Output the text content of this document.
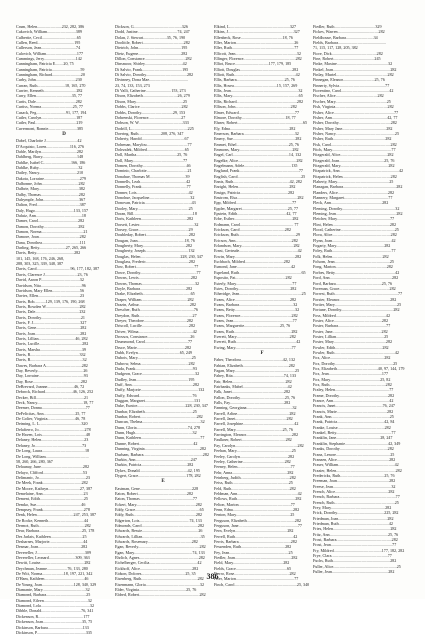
Crum, Helen........................232, 282, 386
Cukovich, William............................389
Culbertie, Cecil..................................65
Cullen, Reed....................................195
Cullerson, Jean..................................74
Culovich, William..............................177
Cummings, Jerry...............................142
Cunningham, Patricia E........20, 75
Cunningham, Patricia............................59
Cunningham, Richard............................20
Curby, John.......................................230
Curran, Ruth...........................18, 165, 270
Currier, Kenneth................................282
Curry, Ellen...................................35, 77
Curtis, Dale.......................................282
Curtiss, Norma...............................25, 77
Cusack, Peg.............................91, 177, 194
Cutler, Carolyn..................................187
Cutler, Paul........................................219
Cuvermont, Ronnie............................385
D
Dabel, Charlotte J...............................42
D'Acquisto, Loren.......................116, 276
Dahle, Marilyn...................................282
Dahlberg, Barry..................................148
Dahlke, Isabel C...........................166, 186
Dahlke, Ruby.......................................32
Dailey, Nancy.....................................210
Dakota, Lorraine...................................279
Dalbonne, John....................................282
Dalbrie, Mary.......................................382
Dalby, Thomas.....................................282
Dalrymple, John...................................367
Dalton, Fred..........................................387
Daly, Hugo......................................133, 157
Daluiz, Ann.............................................18
Damer, Carol.......................................282
Damon, Dorothy..................................282
Damon, Norma.........................................21
Damore, Joan........................................282
Dana, Dorothea.....................................111
Darling, Betty..........................27, 265, 266
Davis, Betty.....................................282
101, 145, 168, 176, 246, 268,
288, 303, 325, 339, 348, 387
Davis, Carol.................................96, 177, 182, 387
Davis, Clarence J................................23, 76
David, Aaron P......................................32
Davidson, Nita........................................96
Davidson, Mary Ellen...........................56
Davies, Ellen.........................................23
Davis, Bob...........129, 139, 176, 190, 268
Davis, Bowden W.................................282
Davis, Dale...........................................232
Davis, Dorothy.......................................21
Davis, F. J..............................................327
Davis, Gene...........................................282
Davis, Joan............................................282
Davis, Lillian....................................46, 282
Davis, Lucille..........................................282
Davis, Marsha.........................................39
Davis, R................................................332
Davis, R...................................................32
Dawes, Barbara A...................................282
Day, Beverly.............................................26
Day, Lorraine............................................93
Day, Rose...............................................282
DeBrevard, Joanne..........................46, 72
Debrock, Richard...........................46, 126, 252
Decker, Bill...............................................21
Deck, Nancy.............................................18, 77
Deemer, Donna...........................................77
DeFelicitas, Ann...............................25, 77
De Golier, Virginia...........................46, 78
Deiming, L. L.........................................320
Delafierro, Jo.............................................278
De Haven, Lois...........................................48
Delaney, Helen..........................................23
Delaney, Jo..............................................73
De Long, Laura..........................................18
De Long, William..........................................
58, 260, 266, 280, 367
Delaunay, June.........................................282
Delayo, Clifford.......................................53
Delimanic, Jo..............................................23
De Meek, Frank......................................282
De Moore, Kathryn...............................27, 387
Demelaine, Ann........................................23
Dement, Edith...........................................25
Demko, Sue............................................46
Dempsey, Frank........................................278
Denk, Helen....................................247, 253, 387
De Rocke, Kenneth...................................44
Dermot, Ruth.............................................282
Deur, Barbara..........................................25, 178
Des Jarlais, Kathleen...............................25
Desharnes, Marjorie.................................44
Desmar, Joan..........................................282
Devereller, J...............................................309
Devereller, Leonard..........................309, 363
Dewitt, Louise...........................................282
Deychman, Jeanne....................76, 133, 280
De Witt, Norma.....................18, 197, 221, 342
D'Ham, Kathleen.......................................46
De Young, Joan...............................128, 340, 329
Diamante, Mary..........................................32
Diamond, Barbara.......................................25
Diamond, Eileen...........................................32
Diamond, Lola................................................32
Dibble, Donald.......................................76, 341
Dickenson, R............................................177
Dickenson, Joan......................................35, 75
Dickinson, Barbara..................................133
Dickinson, P................................................335
Dickson, G...............................................326
Dodd, Justine.......................................74, 247
Dolan, J. Stewart.......................35, 76, 190
Doolittle, Robert........................................282
Dietrich, John..........................................195
Dietz, Eugene..........................................282
Dillon, Constance........................................282
Dinsmoor, Shirley.....................................42
Di Salvio, Frank.......................................195
Di Salvio, Dorothy........................................282
Divinney, Dona Mae......................................
23, 74, 133, 153, 273
Di Valli, Catherine.........................153, 273
Dixon, Elizabeth..................................26, 279
Dixon, Mary..............................................25
Dobbs, Clarice.........................................282
Dobbs, Dorothy...............................29, 153
Dobrenski, Florence................................27
Dobson, W. W...........................................333
Dodrill, L.......................................................225
Doering, Ruth......................208, 276, 347
Doherty, Harold..........................................67
Dohrman, Marylou........................................77
Dolezalek, Mildred.....................................65
Doll, Martha........................................25, 76
Doll, Mary.................................................77
Domen, Dorothy...........................................46
Dominic, Charlotte........................................21
Donahue, Thomas M...................................39
Donnells, Leah.............................................42
Donnelly, Frank............................................77
Donner, Lois...................................................42
Donohue, Jacqueline........................................32
Donovan, Patricia..............................................43
Dooley, Mary..................................................25
Doran, Bill..........................................................18
Doris, Kathleen.............................................282
Dorsett, Lester......................................................32
Dorsey, Grace.................................................29
Doubleday, Robert..........................................282
Dougan, Joan..............................................18, 76
Dougherty, Mary..........................................282
Dougherty, Joseph..........................................132
Douglas, Helen.......................................228, 230, 347
Douglass, Frederic..........................................282
Dow, Robert.........................................................77
Dowe, Dorothy.......................................................77
Downs, Lewis...................................................282
Downs, Thomas....................................................32
Doyle, Barbara.............................................282
Drake, Elizabeth...............................................65
Draper, William.............................................282
Drazin, Arthur..................................................282
Drescher, Ruth.....................................................76
Dreydon, Ruth....................................................27
Dreyer, Theodore..........................................282
Driscoll, Lucille..............................................282
Driver, Wilma.....................................................42
Drossos, Constance..........................................26
Drummond, Carol..........................................77
Druce, Marie...............................................282
Dubb, Evelyn.........................................65, 249
Dubois, Mary.....................................................25
Dubrow, Selma...............................................282
Duda, Frank........................................................93
Dudgeon, Grace....................................................32
Dudley, Jean...................................................195
Duff, Ann............................................................282
Duffy, Marjorie........................................................132
Duffy, Edward....................................................76
Duggan, Margaret................................................131
Duke, Eunice...............................................228, 230, 347
Dunbar, Elizabeth...............................................25
Dunbar, Robert.......................................................282
Duncan, Thelma.........................................................32
Dunn, Gloria..................................................74, 278
Dunn, Hugh........................................................32
Dunn, Kathleen..........................................................77
Dunne, Robert.....................................................42
Dunning, Virginia......................................................282
Durham, Barbara..........................................................282
Durkin, Ann......................................................247
Durkin, Patricia.............................................282
Dykes, Donald...............................................42, 195
Dygert, Grace...............................................178, 282
E
Eastman, Gene...................................................228
Eaton, Robert................................................282
Eaton, Thomas....................................................77
Eckert, Mary..........................................................282
Eddy, Grace...............................................................65
Eddy, Ruth.............................................................282
Edgerton, Lois.................................................74, 133
Edmonds, Carol.......................................................282
Edwards, Bessie.......................................................26
Edwards, Lillian.........................................................35
Edwards, Rosemary...........................................282
Egan, Beverly............................................................282
Egan, Mary.........................................................74, 133
Ehrlich, Agnes..........................................................282
Eichelberger, Cecilia...............................................42
Eickhoff, Alice...................................................282
Eidson, Dolores...........................................25, 35
Eisenberg, Ruth.......................................................282
Eisenmann, Gloria.....................................................32
Elder, Virginia..............................................25, 76
Eldred, Robert...........................................................282
Elkind, L...........................................................327
Elkins, J................................................................327
Ellenbeck, Rose.........................................18, 76
Eller, Marion.........................................................26
Eller, Ruth.............................................................77
Ellicott, Jean............................................................32
Ellinger, Florence...................................................282
Elliot, Bruce.................................177, 179, 185
Elliott, Douglas...................................................282
Elliott, Ruth............................................................42
Ellis, Barbara...............................................25, 76
Ellis, Hosea..........................................15, 157, 269
Ellis, Jean..................................................................32
Ellis, Mary.................................................................65
Ellis, Richard...........................................................282
Ellison, John......................................................282
Elmer, Edward.......................................................77
Elmore, Dorothy...........................................18, 77
Elsner, Robert................................................................65
Ely, Edna..........................................................282
Emerson, Barbara..................................................32
Emery, Sue.............................................................282
Emmet, Ethel...................................................25, 76
Emmons, Mary....................................................282
Engel, Carl.......................................................14, 132
Engelke, Alice.........................................................282
Engelmann, Adele..............................................135
Englund, Frank..........................................................77
English, Carol..............................................................25
Ennis, Ruth.......................................................42, 282
Enright, Helen..................................................282
Ensign, Patricia...............................................282
Enstrom, Elsa...........................................................282
Epp, Mildred.......................................................77
Eppler, Margaret.............................................25, 77
Epstein, Edith................................................42, 77
Erbe, Esther.........................................................282
Erdmann, Carol.................................................... 77
Erickson, Carol............................................282
Erickson, Ruth........................................................29
Ericson, Ann.......................................................282
Erlandson, Mary...................................................282
Ernst, Gertrude.........................................................42
Erwin, Mary...........................................................282
Eschbach, Mildred......................................282
Esmond, Jane.....................................................42
Espeland, Ruth.............................................................65
Esposito, Pat.................................................282
Esterly, Mary.......................................................77
Estes, Dorothy...................................................282
Etheridge, Jean.............................................................25
Evans, Alice......................................................282
Evans, Barbara.....................................................32
Evans, Betty...........................................................32
Evans, Florence..................................................282
Evans, Jean..........................................................77
Evans, Marguerite...................................25, 76
Evans, Ruth........................................................282
Everett, Mary....................................................282
Everett, Ruth...........................................................42
Ewing, Mary.......................................................77
F
Faber, Theodora.........................................42, 132
Fabian, Elizabeth.............................................282
Fagan, Mary...........................................................25
Fahey, Rita..................................................74, 133
Fair, Helen....................................................282
Fairbanks, Mabel............................................42
Falk, Janet...................................................282
Fallon, Dorothy............................................25, 76
Falls, Fay.....................................................282
Fanning, Georgiana.............................................32
Farrell, Arline...................................................282
Farrell, Janet..................................................282
Farrell, Josephine..................................................42
Farrell, Mary..............................................25, 76
Farrington, Eleanor.............................................282
Faulkner, Robert...........................................282
Fay, Carolyn.............................................................282
Feehan, Mary......................................................25
Feeley, Carolyn...............................................282
Feeley, Catherine.........................................282
Feeney, Helen....................................................77
Fehr, Anna......................................................282
Feinberg, Judith................................................282
Feiss, Ruth.......................................................25
Feld, Ruth.........................................................282
Feldman, Ann...........................................................42
Fellows, Ruth.........................................................282
Felton, Marion...................................................77
Fenn, Edna...........................................................282
Fenton, Mary.....................................................25
Ferguson, Elizabeth...............................................282
Ferguson, Jane..........................................................77
Fern, Evelyn...................................................282
Ferrell, Ruth.........................................................42
Ferris, Barbara...................................................282
Fessenden, Ruth...........................................282
Fey, Jean..........................................................25
Fiedler, Joan.......................................................282
Field, Mary.................................................282
Fields, Grace..................................................65
Fierro, Rose......................................................282
Fifer, Marion.........................................................77
Finch, Carol.............................................................25, 340
Fiedler, Ruth........................................329
Fickes, Warren........................................282
Fieldhouse, Barbara...........................34
Fields, Barbara...............................................
71, 115, 117, 128, 205, 382
Fiore, Dick............................................282
Fine, Robert........................................245
Finke, Maxine..................................................32
Finkel, Joan........................................................282
Finlay, Muriel..................................................282
Finnegan, Eleanor...............................25, 76
Finnerty, Sylvia.............................................77
Fiorentino, Carol...............................................42
Fischer, Alice.........................................282
Fischer, Mary..................................................25
Fish, Virginia...................................................282
Fisher, Alice...........................................................77
Fisher, Ann......................................................42, 77
Fisher, Dorothy...................................................282
Fisher, Mary Jane...........................................282
Fisher, Nancy..........................................................25
Fisher, Ruth...................................................282
Fisk, Carol..........................................................282
Fitch, Mary..........................................................77
Fitzgerald, Alice..............................................282
Fitzgerald, Joan............................................25, 76
Fitzgerald, Mary...............................................282
Fitzpatrick, Ann..........................................................42
Fitzpatrick, Helen...............................................282
Flaherty, Mary...................................................25
Flanagan, Barbara....................................................282
Flanders, Alice.................................................282
Flannery, Margaret...........................................77
Fleck, Ann..................................................282
Fleming, Dorothy....................................................32
Fleming, Jean...........................................................282
Fletcher, Mary....................................................77
Flint, Helen........................................................282
Flood, Catherine.....................................................25
Flora, Alice.........................................................282
Flynn, Joan..........................................................42
Fogarty, Mary...............................................282
Foley, Ruth..........................................................77
Folk, Helen.................................................282
Folsom, Jean......................................................25
Fong, Marion..................................................282
Forbes, Betty...........................................................42
Ford, Ann.............................................................282
Ford, Barbara.............................................25, 76
Foreman, Grace.................................................282
Forrest, Ruth..............................................................77
Forster, Eleanor..................................................282
Fortier, Mary.............................................................25
Fortune, Dorothy...................................................282
Foss, Mildred.................................................42
Foster, Alice...............................................282
Foster, Barbara...............................................77
Foster, Jane................................................282
Foster, Lillian...............................................25
Foster, Mary...................................................282
Fowler, Edith..............................................282
Fowler, Ruth...........................................................42
Fox, Alice.....................................................282
Fox, Dorothy.........................................................25
Fox, Elizabeth........................................40, 97, 144, 179
Fox, Jean....................................................177
Fox, Mary.................................................25, 82
Fox, Ruth.......................................................282
Fraley, Helen.....................................................77
Frame, Dorothy................................................282
France, Ann.......................................................42
Francis, Janet..............................................76, 247
Francis, Marie.................................................282
Frank, Ann.........................................................25
Frank, Patricia..............................................42, 84
Franke, Louise..............................................282
Frankel, Betty......................................................77
Franklin, Jane...........................................28, 247
Franklin, Stephanie..........................................42, 349
Franks, Dorothy...............................................282
Franz, Lenore.....................................................25
Franzen, Alice...................................................282
Fraser, William.......................................................42
Frazier, Helen..........................................................282
Fredericks, Ruth...........................................25, 76
Freeman, Joan...................................................282
Freese, Jean.........................................................32
French, Alice....................................................282
French, Barbara.......................................................77
French, Ruth...........................................................25
Frey, Mary.....................................................282
Frick, Dorothy..............................................225, 282
Friedman, Joan................................................282
Friedman, Ruth.................................................42
Fries, Helen........................................................282
Fritz, Ann.........................................................25, 76
Frost, Barbara......................................................282
Frost, Jean............................................................77
Fry, Mildred...............................................177, 182, 282
Frye, Clara.......................................................77
Fuchs, Ruth........................................................282
Fuller, Alice..............................................................25
Fuller, Jean.......................................................282
386
